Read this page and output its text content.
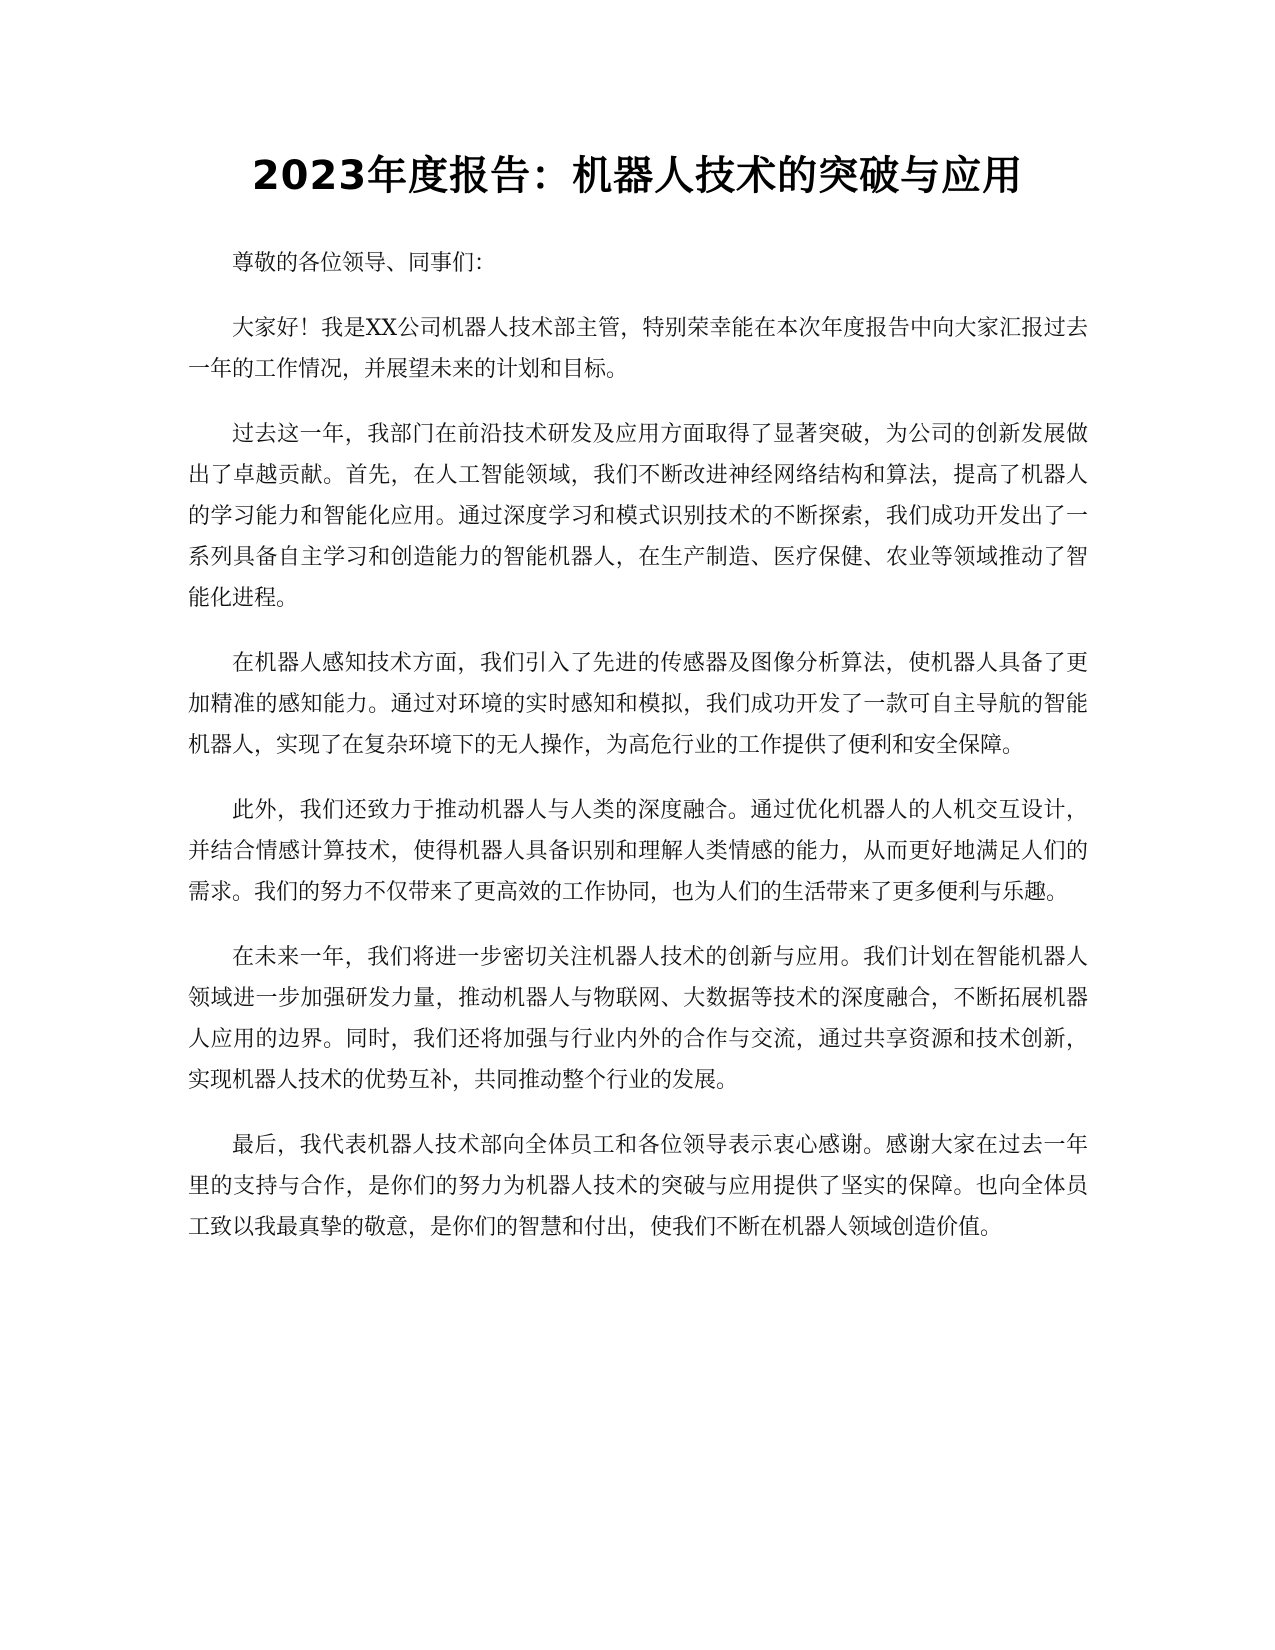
2023年度报告：机器人技术的突破与应用

尊敬的各位领导、同事们：

大家好！我是XX公司机器人技术部主管，特别荣幸能在本次年度报告中向大家汇报过去一年的工作情况，并展望未来的计划和目标。

过去这一年，我部门在前沿技术研发及应用方面取得了显著突破，为公司的创新发展做出了卓越贡献。首先，在人工智能领域，我们不断改进神经网络结构和算法，提高了机器人的学习能力和智能化应用。通过深度学习和模式识别技术的不断探索，我们成功开发出了一系列具备自主学习和创造能力的智能机器人，在生产制造、医疗保健、农业等领域推动了智能化进程。

在机器人感知技术方面，我们引入了先进的传感器及图像分析算法，使机器人具备了更加精准的感知能力。通过对环境的实时感知和模拟，我们成功开发了一款可自主导航的智能机器人，实现了在复杂环境下的无人操作，为高危行业的工作提供了便利和安全保障。

此外，我们还致力于推动机器人与人类的深度融合。通过优化机器人的人机交互设计，并结合情感计算技术，使得机器人具备识别和理解人类情感的能力，从而更好地满足人们的需求。我们的努力不仅带来了更高效的工作协同，也为人们的生活带来了更多便利与乐趣。

在未来一年，我们将进一步密切关注机器人技术的创新与应用。我们计划在智能机器人领域进一步加强研发力量，推动机器人与物联网、大数据等技术的深度融合，不断拓展机器人应用的边界。同时，我们还将加强与行业内外的合作与交流，通过共享资源和技术创新，实现机器人技术的优势互补，共同推动整个行业的发展。

最后，我代表机器人技术部向全体员工和各位领导表示衷心感谢。感谢大家在过去一年里的支持与合作，是你们的努力为机器人技术的突破与应用提供了坚实的保障。也向全体员工致以我最真挚的敬意，是你们的智慧和付出，使我们不断在机器人领域创造价值。
